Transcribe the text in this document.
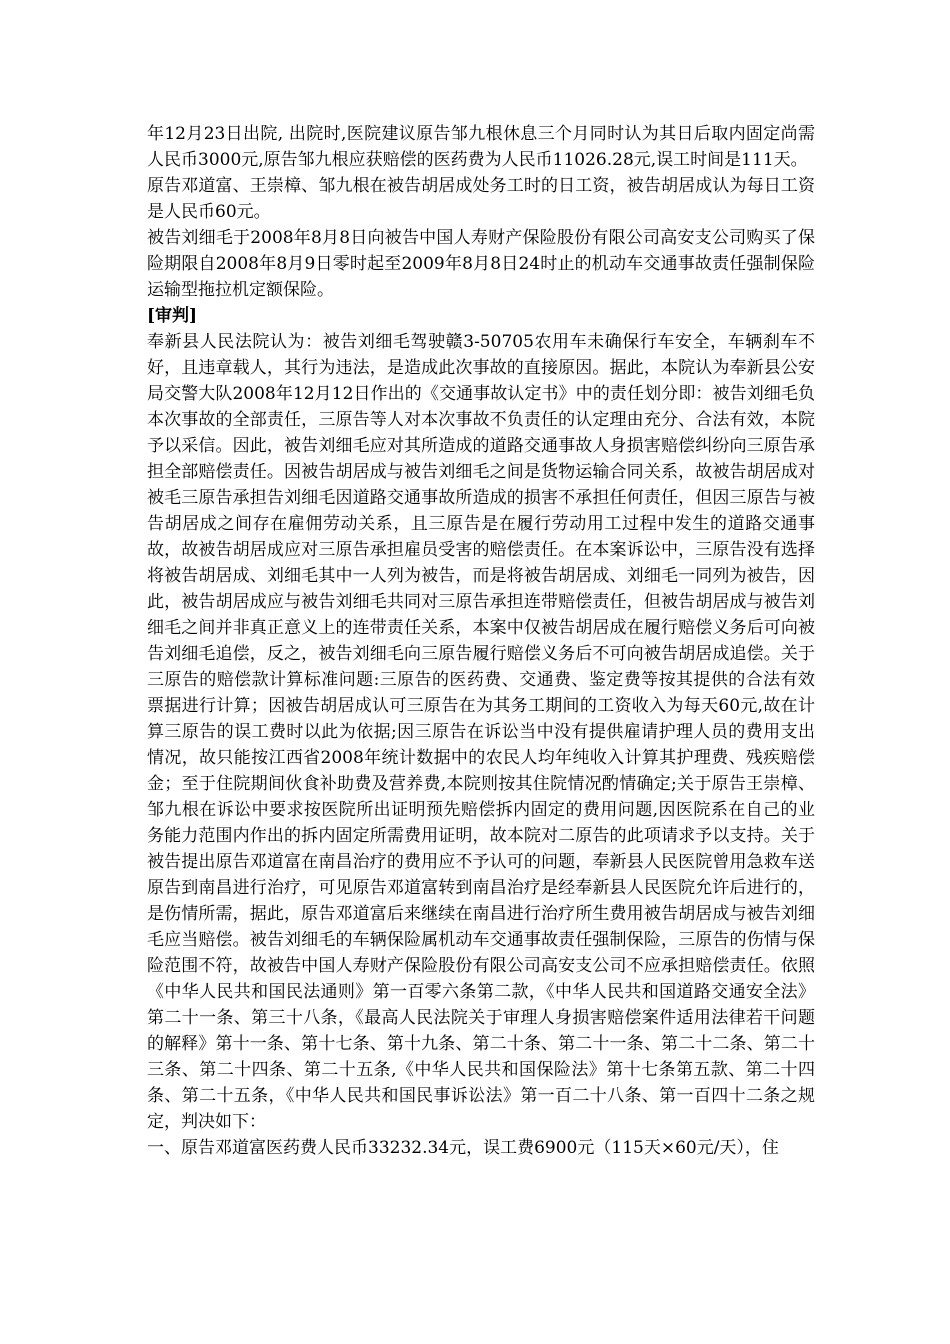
年12月23日出院, 出院时,医院建议原告邹九根休息三个月同时认为其日后取内固定尚需人民币3000元,原告邹九根应获赔偿的医药费为人民币11026.28元,误工时间是111天。

原告邓道富、王崇樟、邹九根在被告胡居成处务工时的日工资，被告胡居成认为每日工资是人民币60元。

被告刘细毛于2008年8月8日向被告中国人寿财产保险股份有限公司高安支公司购买了保险期限自2008年8月9日零时起至2009年8月8日24时止的机动车交通事故责任强制保险运输型拖拉机定额保险。

[审判]

奉新县人民法院认为：被告刘细毛驾驶赣3-50705农用车未确保行车安全，车辆刹车不好，且违章载人，其行为违法，是造成此次事故的直接原因。据此，本院认为奉新县公安局交警大队2008年12月12日作出的《交通事故认定书》中的责任划分即：被告刘细毛负本次事故的全部责任，三原告等人对本次事故不负责任的认定理由充分、合法有效，本院予以采信。因此，被告刘细毛应对其所造成的道路交通事故人身损害赔偿纠纷向三原告承担全部赔偿责任。因被告胡居成与被告刘细毛之间是货物运输合同关系，故被告胡居成对被毛三原告承担告刘细毛因道路交通事故所造成的损害不承担任何责任，但因三原告与被告胡居成之间存在雇佣劳动关系，且三原告是在履行劳动用工过程中发生的道路交通事故，故被告胡居成应对三原告承担雇员受害的赔偿责任。在本案诉讼中，三原告没有选择将被告胡居成、刘细毛其中一人列为被告，而是将被告胡居成、刘细毛一同列为被告，因此，被告胡居成应与被告刘细毛共同对三原告承担连带赔偿责任，但被告胡居成与被告刘细毛之间并非真正意义上的连带责任关系，本案中仅被告胡居成在履行赔偿义务后可向被告刘细毛追偿，反之，被告刘细毛向三原告履行赔偿义务后不可向被告胡居成追偿。关于三原告的赔偿款计算标准问题:三原告的医药费、交通费、鉴定费等按其提供的合法有效票据进行计算；因被告胡居成认可三原告在为其务工期间的工资收入为每天60元,故在计算三原告的误工费时以此为依据;因三原告在诉讼当中没有提供雇请护理人员的费用支出情况，故只能按江西省2008年统计数据中的农民人均年纯收入计算其护理费、残疾赔偿金；至于住院期间伙食补助费及营养费,本院则按其住院情况酌情确定;关于原告王崇樟、邹九根在诉讼中要求按医院所出证明预先赔偿拆内固定的费用问题,因医院系在自己的业务能力范围内作出的拆内固定所需费用证明，故本院对二原告的此项请求予以支持。关于被告提出原告邓道富在南昌治疗的费用应不予认可的问题，奉新县人民医院曾用急救车送原告到南昌进行治疗，可见原告邓道富转到南昌治疗是经奉新县人民医院允许后进行的，是伤情所需，据此，原告邓道富后来继续在南昌进行治疗所生费用被告胡居成与被告刘细毛应当赔偿。被告刘细毛的车辆保险属机动车交通事故责任强制保险，三原告的伤情与保险范围不符，故被告中国人寿财产保险股份有限公司高安支公司不应承担赔偿责任。依照《中华人民共和国民法通则》第一百零六条第二款，《中华人民共和国道路交通安全法》第二十一条、第三十八条，《最高人民法院关于审理人身损害赔偿案件适用法律若干问题的解释》第十一条、第十七条、第十九条、第二十条、第二十一条、第二十二条、第二十三条、第二十四条、第二十五条,《中华人民共和国保险法》第十七条第五款、第二十四条、第二十五条，《中华人民共和国民事诉讼法》第一百二十八条、第一百四十二条之规定，判决如下：

一、原告邓道富医药费人民币33232.34元，误工费6900元（115天×60元/天），住
